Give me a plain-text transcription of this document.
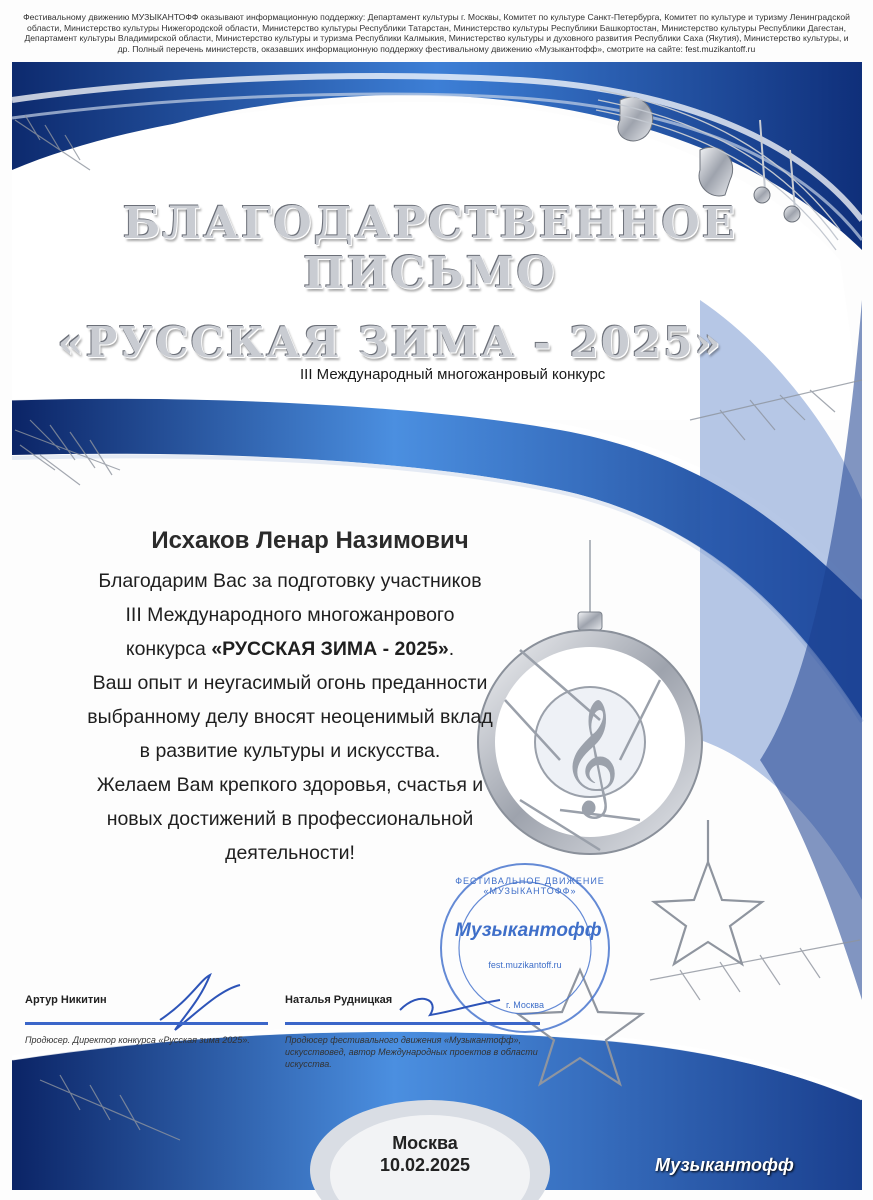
𝄞
Фестивальному движению МУЗЫКАНТОФФ оказывают информационную поддержку: Департамент культуры г. Москвы, Комитет по культуре Санкт-Петербурга, Комитет по культуре и туризму Ленинградской области, Министерство культуры Нижегородской области, Министерство культуры Республики Татарстан, Министерство культуры Республики Башкортостан, Министерство культуры Республики Дагестан, Департамент культуры Владимирской области, Министерство культуры и туризма Республики Калмыкия, Министерство культуры и духовного развития Республики Саха (Якутия), Министерство культуры, и др. Полный перечень министерств, оказавших информационную поддержку фестивальному движению «Музыкантофф», смотрите на сайте: fest.muzikantoff.ru
БЛАГОДАРСТВЕННОЕ
ПИСЬМО
«РУССКАЯ ЗИМА - 2025»
III Международный многожанровый конкурс
Исхаков Ленар Назимович
Благодарим Вас за подготовку участников
III Международного многожанрового
конкурса «РУССКАЯ ЗИМА - 2025».
Ваш опыт и неугасимый огонь преданности
выбранному делу вносят неоценимый вклад
в развитие культуры и искусства.
Желаем Вам крепкого здоровья, счастья и
новых достижений в профессиональной
деятельности!
Музыкантофф
fest.muzikantoff.ru
г. Москва
ФЕСТИВАЛЬНОЕ ДВИЖЕНИЕ «МУЗЫКАНТОФФ»
Артур Никитин
Продюсер. Директор конкурса «Русская зима 2025».
Наталья Рудницкая
Продюсер фестивального движения «Музыкантофф»,
искусствовед, автор Международных проектов в области
искусства.
Москва
10.02.2025	Музыкантофф
